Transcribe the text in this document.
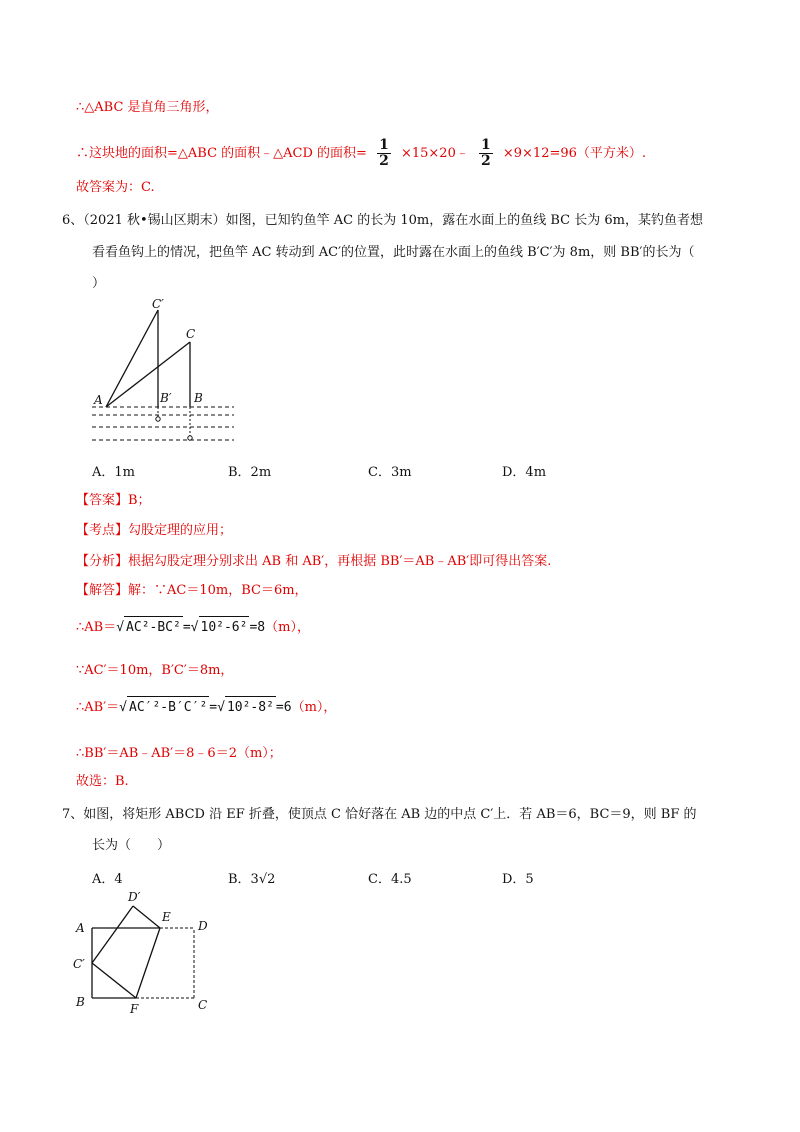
∴△ABC 是直角三角形，
∴这块地的面积=△ABC 的面积﹣△ACD 的面积= $\frac{1}{2}$ ×15×20﹣ $\frac{1}{2} \times 9\times 12=96$（平方米）.
故答案为：C.
6、（2021 秋•锡山区期末）如图，已知钓鱼竿 AC 的长为 10m，露在水面上的鱼线 BC 长为 6m，某钓鱼者想
看看鱼钩上的情况，把鱼竿 AC 转动到 AC′的位置，此时露在水面上的鱼线 B′C′为 8m，则 BB′的长为（
）
A	B
B′
C
C′
A．1m	B．2m	C．3m	D．4m
【答案】B；
【考点】勾股定理的应用；
【分析】根据勾股定理分别求出 AB 和 AB′，再根据 BB′＝AB﹣AB′即可得出答案.
【解答】解：∵AC＝10m，BC＝6m，
∴AB＝√ AC²-BC² =√ 10²-6² =8（m），
∵AC′＝10m，B′C′＝8m，
∴AB′＝√ AC′²-B′C′² =√ 10²-8² =6（m），
∴BB′＝AB﹣AB′＝8﹣6＝2（m）；
故选：B.
7、如图，将矩形 ABCD 沿 EF 折叠，使顶点 C 恰好落在 AB 边的中点 C′上．若 AB＝6，BC＝9，则 BF 的
长为（　　）
A．4	B．3√2	C．4.5	D．5
A
B	C
D
E
F
C′
D′
